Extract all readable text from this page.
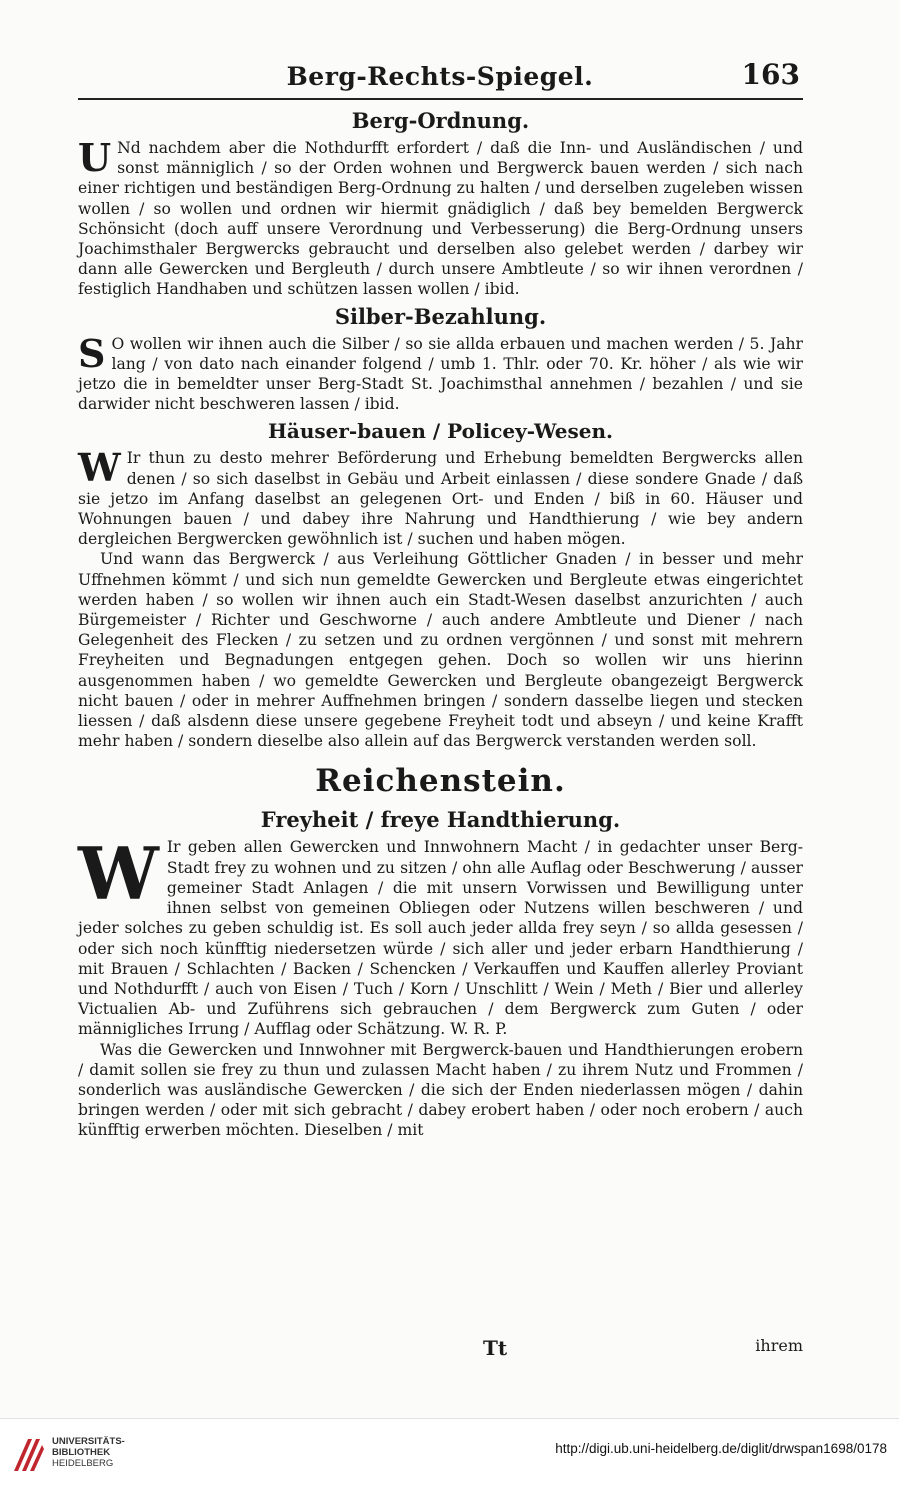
Berg-Rechts-Spiegel.	163
Berg-Ordnung.

U Nd nachdem aber die Nothdurfft erfordert / daß die Inn- und Ausländischen / und sonst männiglich / so der Orden wohnen und Bergwerck bauen werden / sich nach einer richtigen und beständigen Berg-Ordnung zu halten / und derselben zugeleben wissen wollen / so wollen und ordnen wir hiermit gnädiglich / daß bey bemelden Bergwerck Schönsicht (doch auff unsere Verordnung und Verbesserung) die Berg-Ordnung unsers Joachimsthaler Bergwercks gebraucht und derselben also gelebet werden / darbey wir dann alle Gewercken und Bergleuth / durch unsere Ambtleute / so wir ihnen verordnen / festiglich Handhaben und schützen lassen wollen / ibid.

Silber-Bezahlung.

S O wollen wir ihnen auch die Silber / so sie allda erbauen und machen werden / 5. Jahr lang / von dato nach einander folgend / umb 1. Thlr. oder 70. Kr. höher / als wie wir jetzo die in bemeldter unser Berg-Stadt St. Joachimsthal annehmen / bezahlen / und sie darwider nicht beschweren lassen / ibid.

Häuser-bauen / Policey-Wesen.

W Ir thun zu desto mehrer Beförderung und Erhebung bemeldten Bergwercks allen denen / so sich daselbst in Gebäu und Arbeit einlassen / diese sondere Gnade / daß sie jetzo im Anfang daselbst an gelegenen Ort- und Enden / biß in 60. Häuser und Wohnungen bauen / und dabey ihre Nahrung und Handthierung / wie bey andern dergleichen Bergwercken gewöhnlich ist / suchen und haben mögen.

Und wann das Bergwerck / aus Verleihung Göttlicher Gnaden / in besser und mehr Uffnehmen kömmt / und sich nun gemeldte Gewercken und Bergleute etwas eingerichtet werden haben / so wollen wir ihnen auch ein Stadt-Wesen daselbst anzurichten / auch Bürgemeister / Richter und Geschworne / auch andere Ambtleute und Diener / nach Gelegenheit des Flecken / zu setzen und zu ordnen vergönnen / und sonst mit mehrern Freyheiten und Begnadungen entgegen gehen. Doch so wollen wir uns hierinn ausgenommen haben / wo gemeldte Gewercken und Bergleute obangezeigt Bergwerck nicht bauen / oder in mehrer Auffnehmen bringen / sondern dasselbe liegen und stecken liessen / daß alsdenn diese unsere gegebene Freyheit todt und abseyn / und keine Krafft mehr haben / sondern dieselbe also allein auf das Bergwerck verstanden werden soll.

Reichenstein.
Freyheit / freye Handthierung.

W Ir geben allen Gewercken und Innwohnern Macht / in gedachter unser Berg-Stadt frey zu wohnen und zu sitzen / ohn alle Auflag oder Beschwerung / ausser gemeiner Stadt Anlagen / die mit unsern Vorwissen und Bewilligung unter ihnen selbst von gemeinen Obliegen oder Nutzens willen beschweren / und jeder solches zu geben schuldig ist. Es soll auch jeder allda frey seyn / so allda gesessen / oder sich noch künfftig niedersetzen würde / sich aller und jeder erbarn Handthierung / mit Brauen / Schlachten / Backen / Schencken / Verkauffen und Kauffen allerley Proviant und Nothdurfft / auch von Eisen / Tuch / Korn / Unschlitt / Wein / Meth / Bier und allerley Victualien Ab- und Zuführens sich gebrauchen / dem Bergwerck zum Guten / oder männigliches Irrung / Aufflag oder Schätzung. W. R. P.

Was die Gewercken und Innwohner mit Bergwerck-bauen und Handthierungen erobern / damit sollen sie frey zu thun und zulassen Macht haben / zu ihrem Nutz und Frommen / sonderlich was ausländische Gewercken / die sich der Enden niederlassen mögen / dahin bringen werden / oder mit sich gebracht / dabey erobert haben / oder noch erobern / auch künfftig erwerben möchten. Dieselben / mit

Tt	ihrem
UNIVERSITÄTS-
BIBLIOTHEK
HEIDELBERG
http://digi.ub.uni-heidelberg.de/diglit/drwspan1698/0178
